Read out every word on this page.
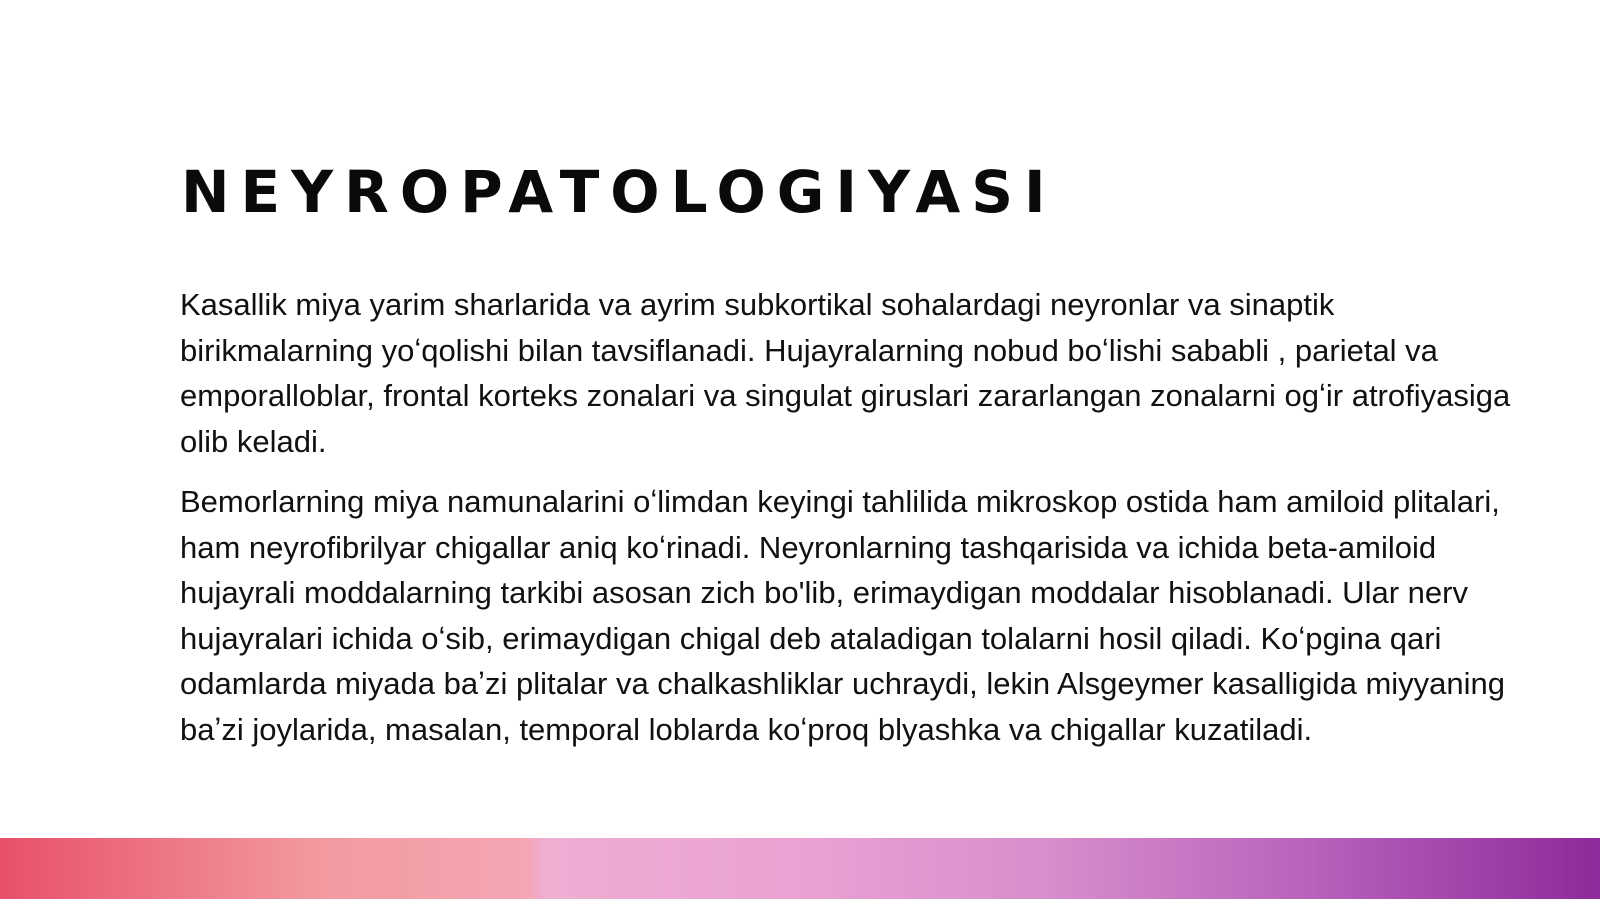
NEYROPATOLOGIYASI

Kasallik miya yarim sharlarida va ayrim subkortikal sohalardagi neyronlar va sinaptik birikmalarning yoʻqolishi bilan tavsiflanadi. Hujayralarning nobud boʻlishi sababli , parietal va emporalloblar, frontal korteks zonalari va singulat giruslari zararlangan zonalarni ogʻir atrofiyasiga olib keladi.

Bemorlarning miya namunalarini oʻlimdan keyingi tahlilida mikroskop ostida ham amiloid plitalari, ham neyrofibrilyar chigallar aniq koʻrinadi. Neyronlarning tashqarisida va ichida beta-amiloid hujayrali moddalarning tarkibi asosan zich bo'lib, erimaydigan moddalar hisoblanadi. Ular nerv hujayralari ichida oʻsib, erimaydigan chigal deb ataladigan tolalarni hosil qiladi. Koʻpgina qari odamlarda miyada baʼzi plitalar va chalkashliklar uchraydi, lekin Alsgeymer kasalligida miyyaning baʼzi joylarida, masalan, temporal loblarda koʻproq blyashka va chigallar kuzatiladi.
